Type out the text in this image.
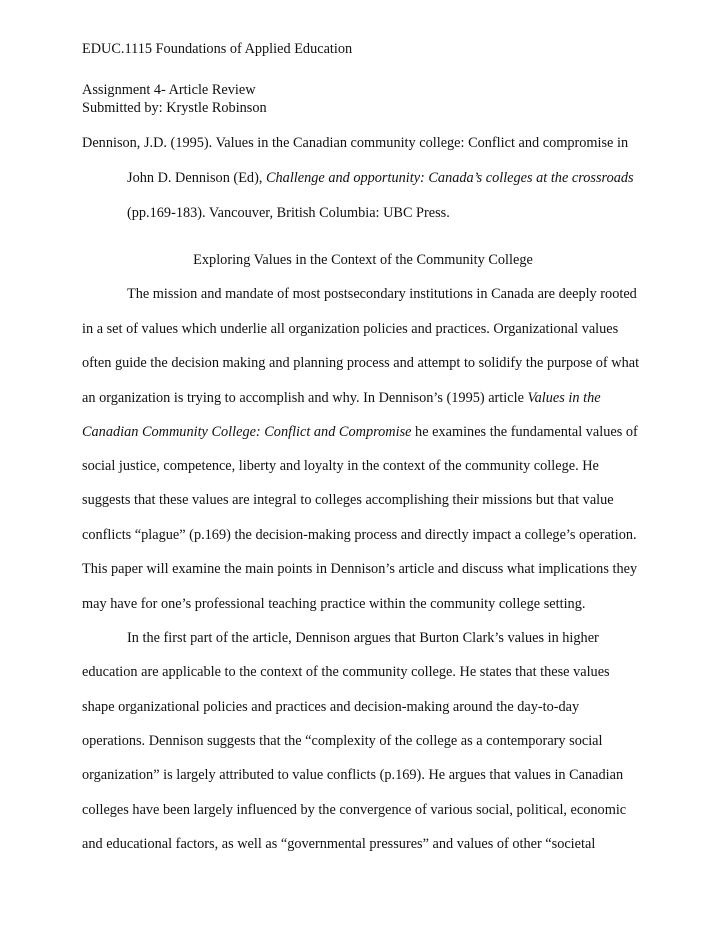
EDUC.1115 Foundations of Applied Education
Assignment 4- Article Review
Submitted by: Krystle Robinson
Dennison, J.D. (1995). Values in the Canadian community college: Conflict and compromise in
John D. Dennison (Ed), Challenge and opportunity: Canada’s colleges at the crossroads
(pp.169-183). Vancouver, British Columbia: UBC Press.
Exploring Values in the Context of the Community College
The mission and mandate of most postsecondary institutions in Canada are deeply rooted
in a set of values which underlie all organization policies and practices. Organizational values
often guide the decision making and planning process and attempt to solidify the purpose of what
an organization is trying to accomplish and why. In Dennison’s (1995) article Values in the
Canadian Community College: Conflict and Compromise he examines the fundamental values of
social justice, competence, liberty and loyalty in the context of the community college. He
suggests that these values are integral to colleges accomplishing their missions but that value
conflicts “plague” (p.169) the decision-making process and directly impact a college’s operation.
This paper will examine the main points in Dennison’s article and discuss what implications they
may have for one’s professional teaching practice within the community college setting.
In the first part of the article, Dennison argues that Burton Clark’s values in higher
education are applicable to the context of the community college. He states that these values
shape organizational policies and practices and decision-making around the day-to-day
operations. Dennison suggests that the “complexity of the college as a contemporary social
organization” is largely attributed to value conflicts (p.169). He argues that values in Canadian
colleges have been largely influenced by the convergence of various social, political, economic
and educational factors, as well as “governmental pressures” and values of other “societal
